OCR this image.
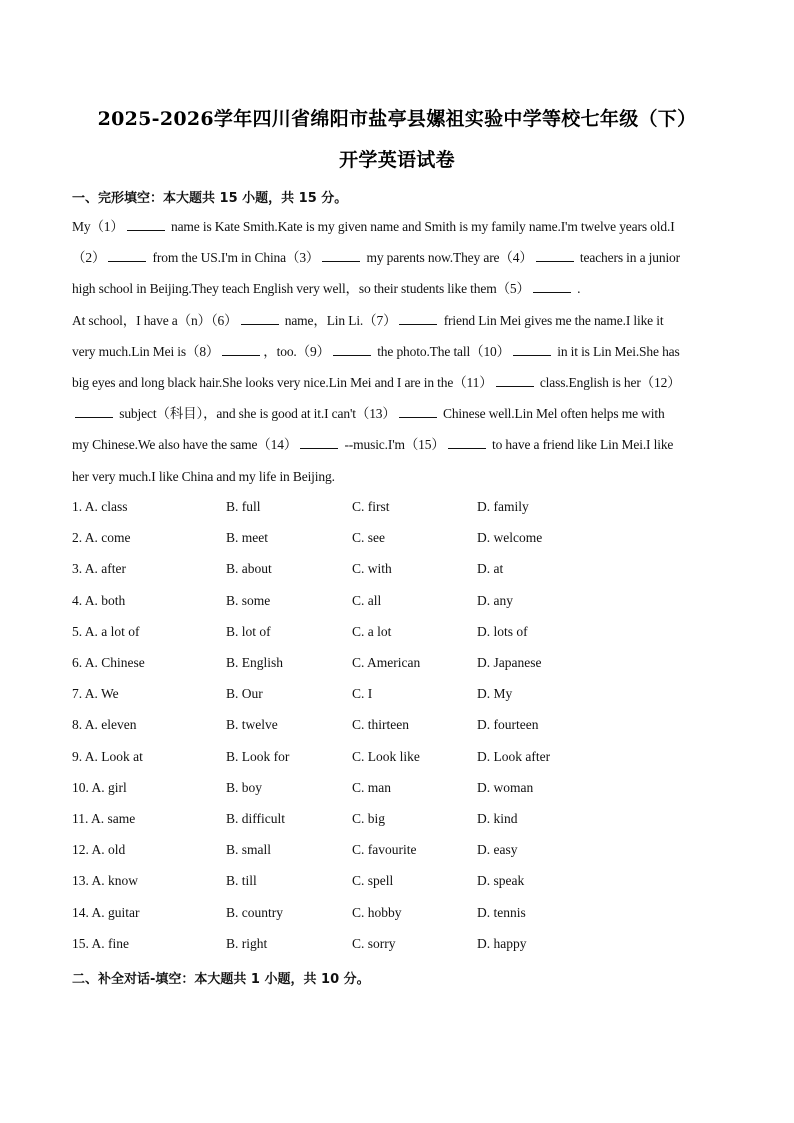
2025-2026学年四川省绵阳市盐亭县嫘祖实验中学等校七年级（下）
开学英语试卷
一、完形填空：本大题共 15 小题，共 15 分。
My（1）	name is Kate Smith.Kate is my given name and Smith is my family name.I'm twelve years old.I
（2）	from the US.I'm in China（3）	my parents now.They are（4）	teachers in a junior
high school in Beijing.They teach English very well，so their students like them（5）	.
At school，I have a（n）（6）	name，Lin Li.（7）	friend Lin Mei gives me the name.I like it
very much.Lin Mei is（8）	，too.（9）	the photo.The tall（10）	in it is Lin Mei.She has
big eyes and long black hair.She looks very nice.Lin Mei and I are in the（11）	class.English is her（12）
subject（科目），and she is good at it.I can't（13）	Chinese well.Lin Mel often helps me with
my Chinese.We also have the same（14）	--music.I'm（15）	to have a friend like Lin Mei.I like
her very much.I like China and my life in Beijing.
1. A. class	B. full	C. first	D. family
2. A. come	B. meet	C. see	D. welcome
3. A. after	B. about	C. with	D. at
4. A. both	B. some	C. all	D. any
5. A. a lot of	B. lot of	C. a lot	D. lots of
6. A. Chinese	B. English	C. American	D. Japanese
7. A. We	B. Our	C. I	D. My
8. A. eleven	B. twelve	C. thirteen	D. fourteen
9. A. Look at	B. Look for	C. Look like	D. Look after
10. A. girl	B. boy	C. man	D. woman
11. A. same	B. difficult	C. big	D. kind
12. A. old	B. small	C. favourite	D. easy
13. A. know	B. till	C. spell	D. speak
14. A. guitar	B. country	C. hobby	D. tennis
15. A. fine	B. right	C. sorry	D. happy
二、补全对话-填空：本大题共 1 小题，共 10 分。
